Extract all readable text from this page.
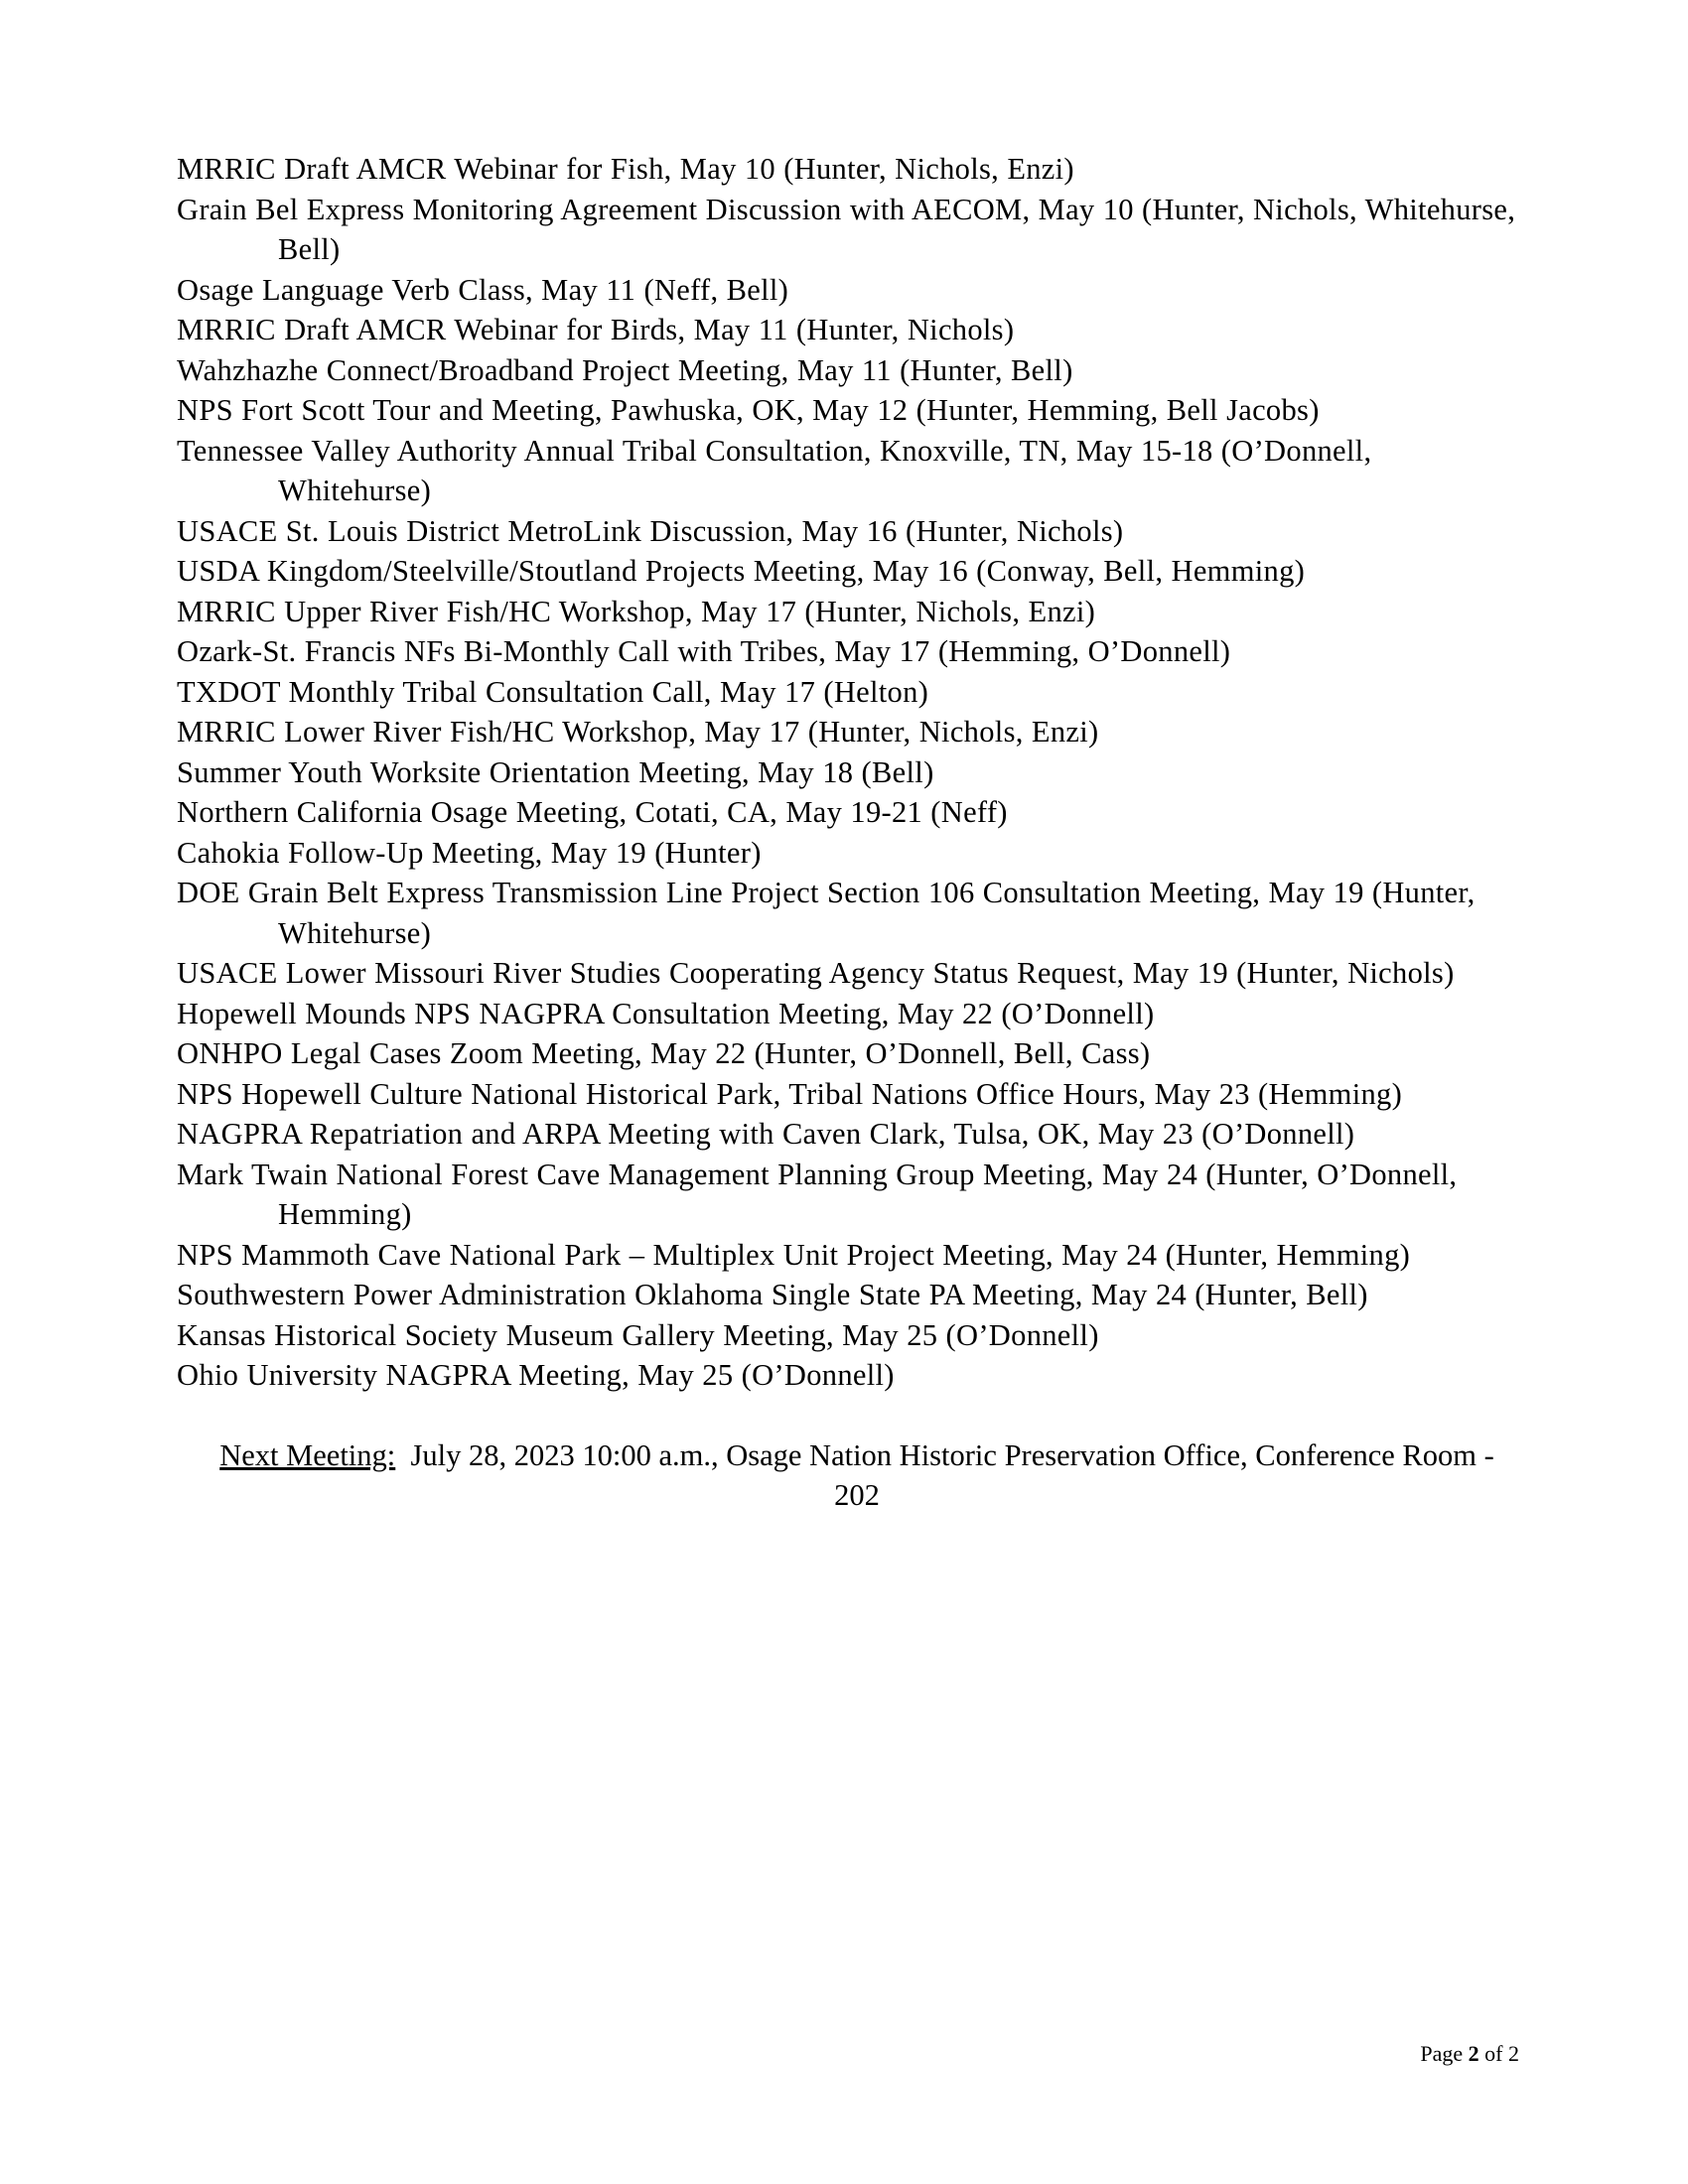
MRRIC Draft AMCR Webinar for Fish, May 10 (Hunter, Nichols, Enzi)

Grain Bel Express Monitoring Agreement Discussion with AECOM, May 10 (Hunter, Nichols, Whitehurse, Bell)

Osage Language Verb Class, May 11 (Neff, Bell)

MRRIC Draft AMCR Webinar for Birds, May 11 (Hunter, Nichols)

Wahzhazhe Connect/Broadband Project Meeting, May 11 (Hunter, Bell)

NPS Fort Scott Tour and Meeting, Pawhuska, OK, May 12 (Hunter, Hemming, Bell Jacobs)

Tennessee Valley Authority Annual Tribal Consultation, Knoxville, TN, May 15-18 (O’Donnell, Whitehurse)

USACE St. Louis District MetroLink Discussion, May 16 (Hunter, Nichols)

USDA Kingdom/Steelville/Stoutland Projects Meeting, May 16 (Conway, Bell, Hemming)

MRRIC Upper River Fish/HC Workshop, May 17 (Hunter, Nichols, Enzi)

Ozark-St. Francis NFs Bi-Monthly Call with Tribes, May 17 (Hemming, O’Donnell)

TXDOT Monthly Tribal Consultation Call, May 17 (Helton)

MRRIC Lower River Fish/HC Workshop, May 17 (Hunter, Nichols, Enzi)

Summer Youth Worksite Orientation Meeting, May 18 (Bell)

Northern California Osage Meeting, Cotati, CA, May 19-21 (Neff)

Cahokia Follow-Up Meeting, May 19 (Hunter)

DOE Grain Belt Express Transmission Line Project Section 106 Consultation Meeting, May 19 (Hunter, Whitehurse)

USACE Lower Missouri River Studies Cooperating Agency Status Request, May 19 (Hunter, Nichols)

Hopewell Mounds NPS NAGPRA Consultation Meeting, May 22 (O’Donnell)

ONHPO Legal Cases Zoom Meeting, May 22 (Hunter, O’Donnell, Bell, Cass)

NPS Hopewell Culture National Historical Park, Tribal Nations Office Hours, May 23 (Hemming)

NAGPRA Repatriation and ARPA Meeting with Caven Clark, Tulsa, OK, May 23 (O’Donnell)

Mark Twain National Forest Cave Management Planning Group Meeting, May 24 (Hunter, O’Donnell, Hemming)

NPS Mammoth Cave National Park – Multiplex Unit Project Meeting, May 24 (Hunter, Hemming)

Southwestern Power Administration Oklahoma Single State PA Meeting, May 24 (Hunter, Bell)

Kansas Historical Society Museum Gallery Meeting, May 25 (O’Donnell)

Ohio University NAGPRA Meeting, May 25 (O’Donnell)

Next Meeting: July 28, 2023 10:00 a.m., Osage Nation Historic Preservation Office, Conference Room - 202
Page 2 of 2
